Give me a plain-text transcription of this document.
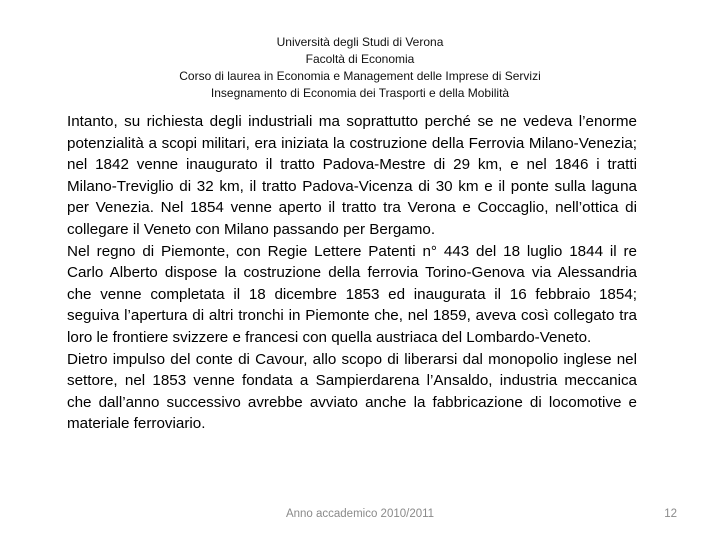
Università degli Studi di Verona
Facoltà di Economia
Corso di laurea in Economia e Management delle Imprese di Servizi
Insegnamento di Economia dei Trasporti e della Mobilità

Intanto, su richiesta degli industriali ma soprattutto perché se ne vedeva l’enorme potenzialità a scopi militari, era iniziata la costruzione della Ferrovia Milano-Venezia; nel 1842 venne inaugurato il tratto Padova-Mestre di 29 km, e nel 1846 i tratti Milano-Treviglio di 32 km, il tratto Padova-Vicenza di 30 km e il ponte sulla laguna per Venezia. Nel 1854 venne aperto il tratto tra Verona e Coccaglio, nell’ottica di collegare il Veneto con Milano passando per Bergamo.

Nel regno di Piemonte, con Regie Lettere Patenti n° 443 del 18 luglio 1844 il re Carlo Alberto dispose la costruzione della ferrovia Torino-Genova via Alessandria che venne completata il 18 dicembre 1853 ed inaugurata il 16 febbraio 1854; seguiva l’apertura di altri tronchi in Piemonte che, nel 1859, aveva così collegato tra loro le frontiere svizzere e francesi con quella austriaca del Lombardo-Veneto.

Dietro impulso del conte di Cavour, allo scopo di liberarsi dal monopolio inglese nel settore, nel 1853 venne fondata a Sampierdarena l’Ansaldo, industria meccanica che dall’anno successivo avrebbe avviato anche la fabbricazione di locomotive e materiale ferroviario.

Anno accademico 2010/2011	12
